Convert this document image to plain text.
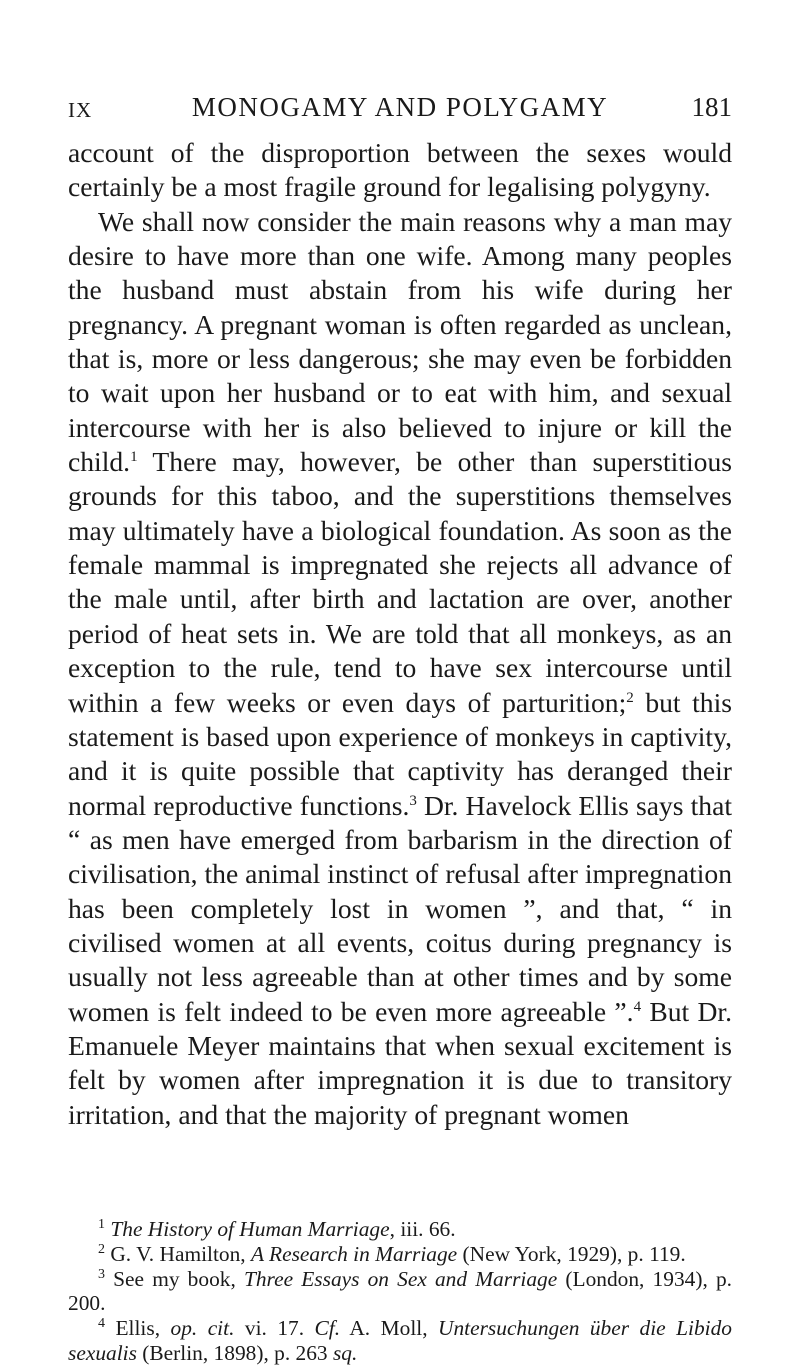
IX	MONOGAMY AND POLYGAMY	181

account of the disproportion between the sexes would certainly be a most fragile ground for legalising polygyny.

We shall now consider the main reasons why a man may desire to have more than one wife. Among many peoples the husband must abstain from his wife during her pregnancy. A pregnant woman is often regarded as unclean, that is, more or less dangerous; she may even be forbidden to wait upon her husband or to eat with him, and sexual intercourse with her is also believed to injure or kill the child.$^1$ There may, however, be other than superstitious grounds for this taboo, and the superstitions themselves may ultimately have a biological foundation. As soon as the female mammal is impregnated she rejects all advance of the male until, after birth and lactation are over, another period of heat sets in. We are told that all monkeys, as an exception to the rule, tend to have sex intercourse until within a few weeks or even days of parturition;$^2$ but this statement is based upon experience of monkeys in captivity, and it is quite possible that captivity has deranged their normal reproductive functions.$^3$ Dr. Havelock Ellis says that “ as men have emerged from barbarism in the direction of civilisation, the animal instinct of refusal after impregnation has been completely lost in women ”, and that, “ in civilised women at all events, coitus during pregnancy is usually not less agreeable than at other times and by some women is felt indeed to be even more agreeable ”.$^4$ But Dr. Emanuele Meyer maintains that when sexual excitement is felt by women after impregnation it is due to transitory irritation, and that the majority of pregnant women

$^1$ The History of Human Marriage, iii. 66.

$^2$ G. V. Hamilton, A Research in Marriage (New York, 1929), p. 119.

$^3$ See my book, Three Essays on Sex and Marriage (London, 1934), p. 200.

$^4$ Ellis, op. cit. vi. 17. Cf. A. Moll, Untersuchungen über die Libido sexualis (Berlin, 1898), p. 263 sq.
